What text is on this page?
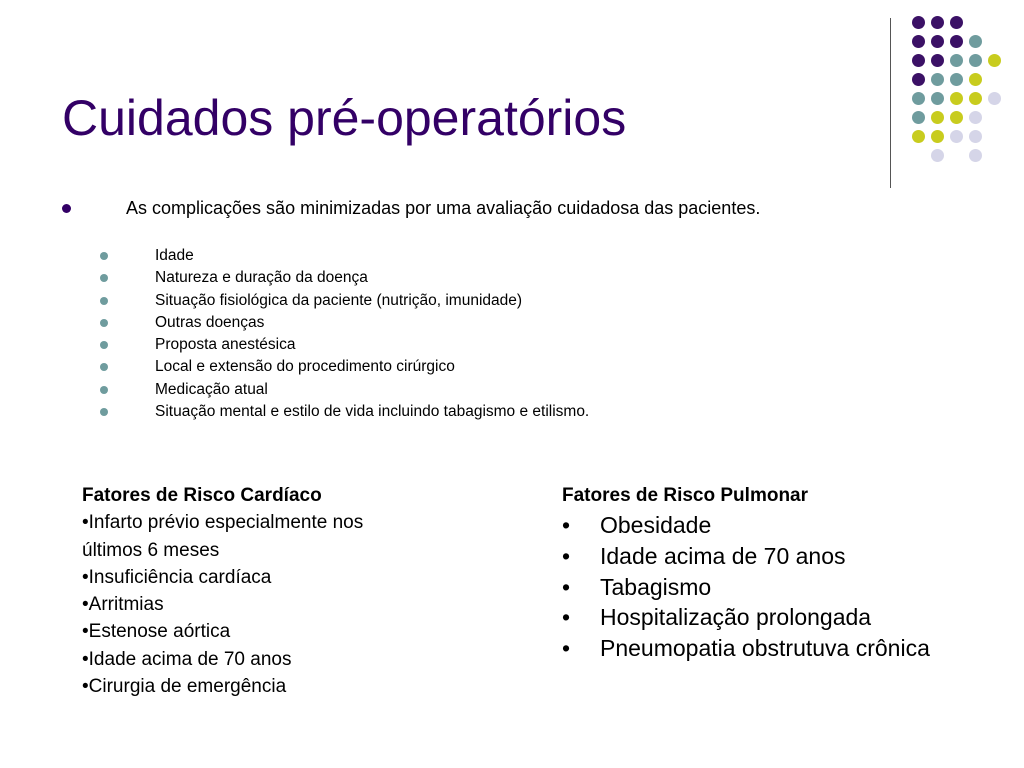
Cuidados pré-operatórios
As complicações são minimizadas por uma avaliação cuidadosa das pacientes.
Idade
Natureza e duração da doença
Situação fisiológica da paciente (nutrição, imunidade)
Outras doenças
Proposta anestésica
Local e extensão do procedimento cirúrgico
Medicação atual
Situação mental e estilo de vida incluindo tabagismo e etilismo.
Fatores de Risco Cardíaco
•Infarto prévio especialmente nos
últimos 6 meses
•Insuficiência cardíaca
•Arritmias
•Estenose aórtica
•Idade acima de 70 anos
•Cirurgia de emergência
Fatores de Risco Pulmonar
• Obesidade
• Idade acima de 70 anos
• Tabagismo
• Hospitalização prolongada
• Pneumopatia obstrutuva crônica
